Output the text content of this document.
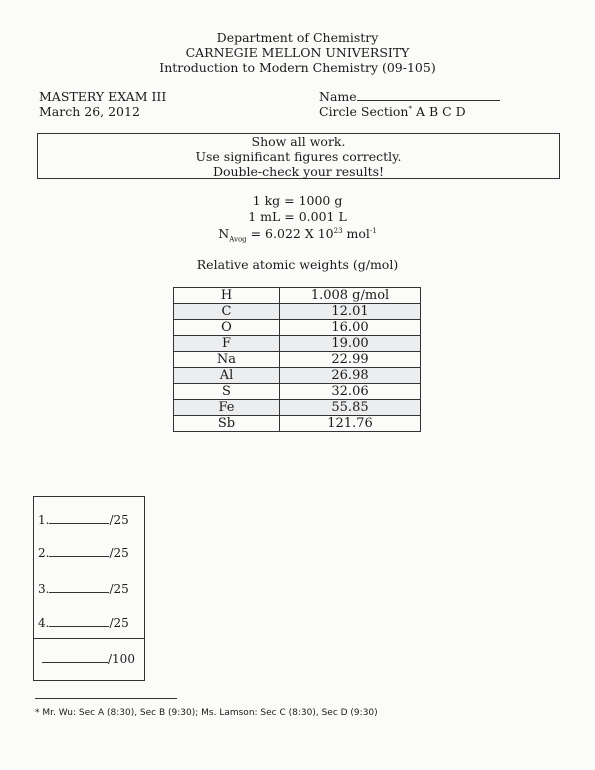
Department of Chemistry
CARNEGIE MELLON UNIVERSITY
Introduction to Modern Chemistry (09-105)
MASTERY EXAM III
March 26, 2012
Name
Circle Section* A B C D
Show all work.
Use significant figures correctly.
Double-check your results!
1 kg = 1000 g
1 mL = 0.001 L
$N_{Avog} = 6.022$ X $10^{23}$ mol$^{-1}$
Relative atomic weights (g/mol)
H	1.008 g/mol
C	12.01
O	16.00
F	19.00
Na	22.99
Al	26.98
S	32.06
Fe	55.85
Sb	121.76
1.	/25
2.	/25
3.	/25
4.	/25
/100
* Mr. Wu: Sec A (8:30), Sec B (9:30); Ms. Lamson: Sec C (8:30), Sec D (9:30)
